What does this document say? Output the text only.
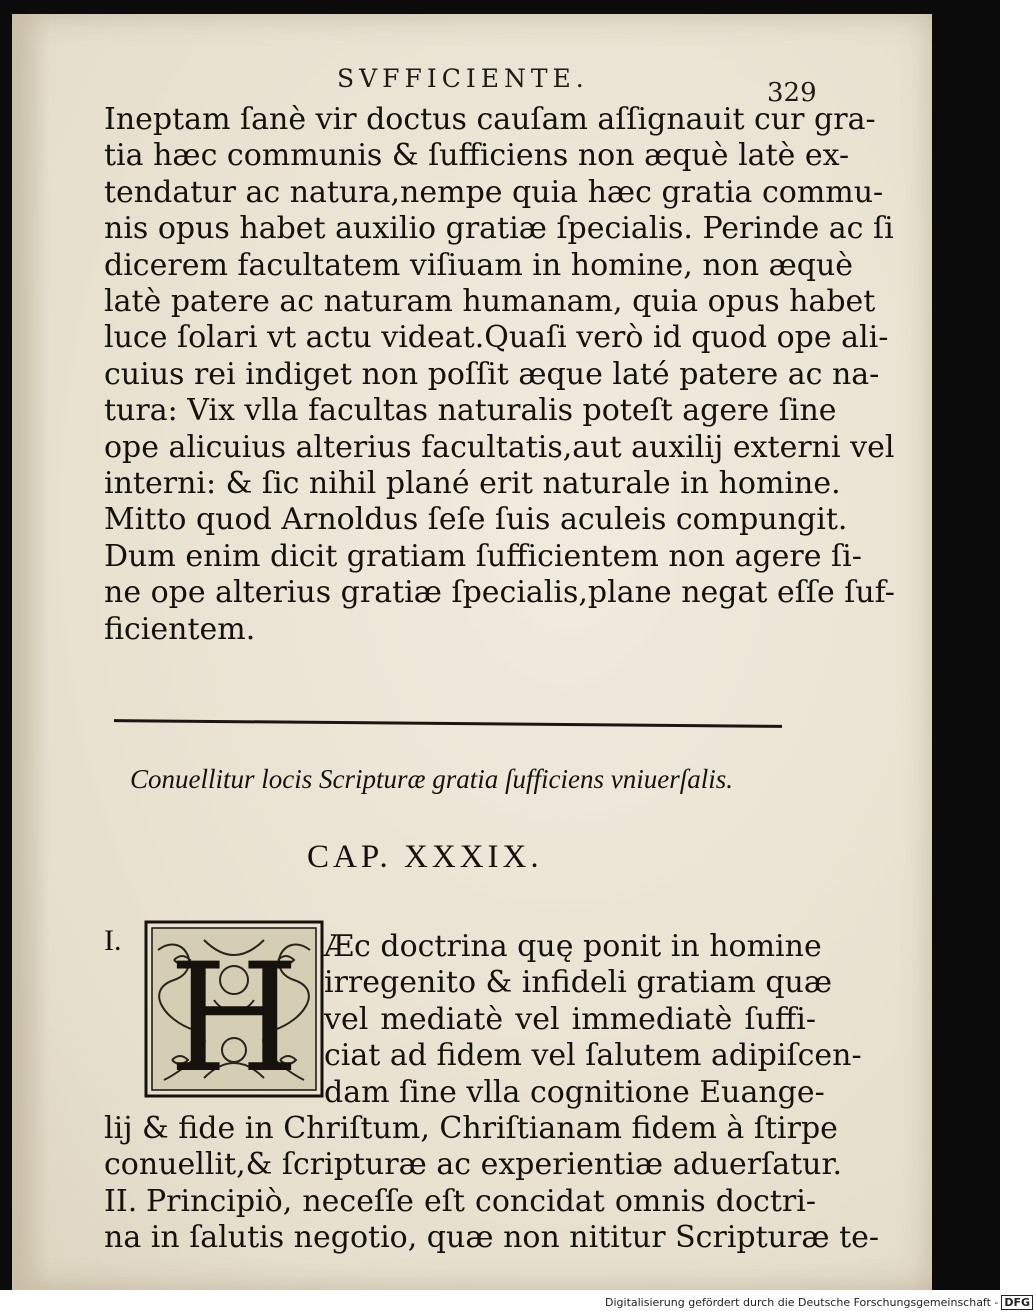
SVFFICIENTE.	329
Ineptam ſanè vir doctus cauſam aſſignauit cur gra-
tia hæc communis & ſufficiens non æquè latè ex-
tendatur ac natura,nempe quia hæc gratia commu-
nis opus habet auxilio gratiæ ſpecialis. Perinde ac ſi
dicerem facultatem viſiuam in homine, non æquè
latè patere ac naturam humanam, quia opus habet
luce ſolari vt actu videat.Quaſi verò id quod ope ali-
cuius rei indiget non poſſit æque laté patere ac na-
tura: Vix vlla facultas naturalis poteſt agere ſine
ope alicuius alterius facultatis,aut auxilij externi vel
interni: & ſic nihil plané erit naturale in homine.
Mitto quod Arnoldus ſeſe ſuis aculeis compungit.
Dum enim dicit gratiam ſufficientem non agere ſi-
ne ope alterius gratiæ ſpecialis,plane negat eſſe ſuf-
ficientem.
Conuellitur locis Scripturæ gratia ſufficiens vniuerſalis.
CAP. XXXIX.
I. H Æc doctrina quę ponit in homine
irregenito & infideli gratiam quæ
vel mediatè vel immediatè ſuffi-
ciat ad fidem vel ſalutem adipiſcen-
dam ſine vlla cognitione Euange-
lij & fide in Chriſtum, Chriſtianam fidem à ſtirpe
conuellit,& ſcripturæ ac experientiæ aduerſatur.
II. Principiò, neceſſe eſt concidat omnis doctri-
na in ſalutis negotio, quæ non nititur Scripturæ te-
Digitalisierung gefördert durch die Deutsche Forschungsgemeinschaft - DFG
